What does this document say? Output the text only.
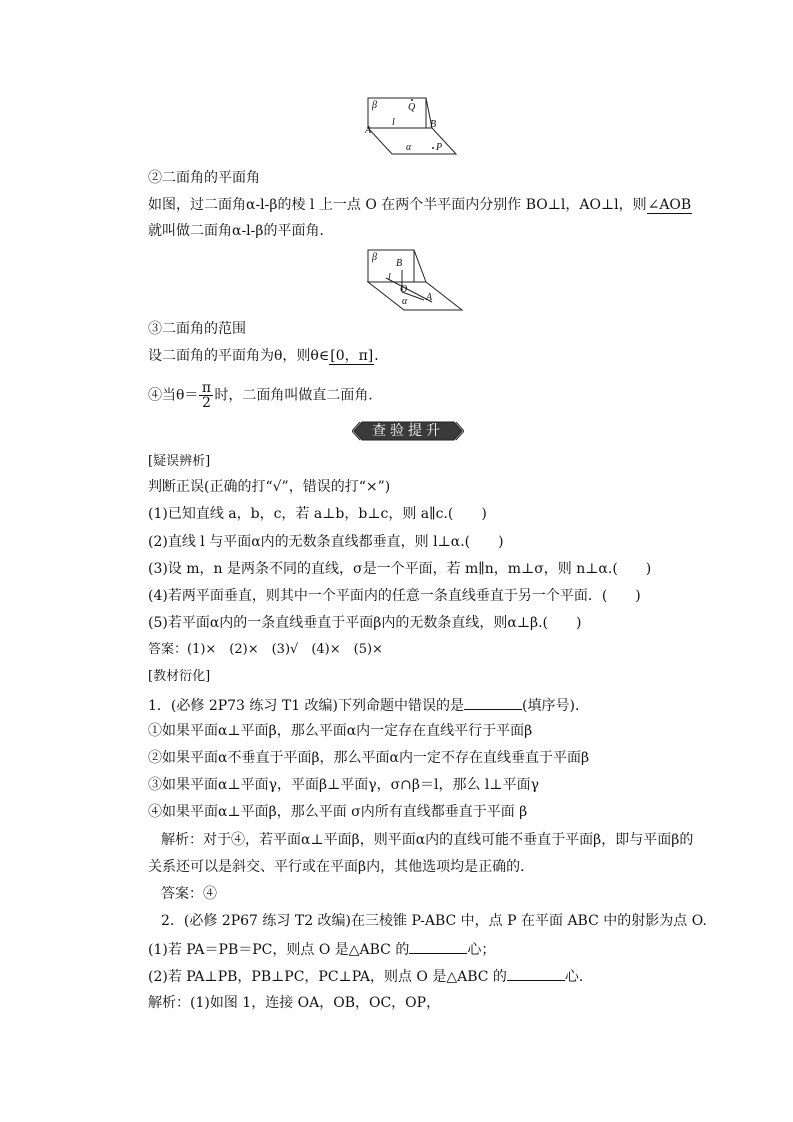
β	Q
l	B
A
α P
②二面角的平面角
如图，过二面角α-l-β的棱 l 上一点 O 在两个半平面内分别作 BO⊥l，AO⊥l，则∠AOB
就叫做二面角α-l-β的平面角．
β
B
l
O
α A
③二面角的范围
设二面角的平面角为θ，则θ∈[0，π]．
④当$\theta= \frac{\pi}{2}$ 时，二面角叫做直二面角．
查验提升
[疑误辨析]
判断正误(正确的打“√”，错误的打“×”)
(1)已知直线 a，b，c，若 a⊥b，b⊥c，则 a∥c.(　　)
(2)直线 l 与平面α内的无数条直线都垂直，则 l⊥α.(　　)
(3)设 m，n 是两条不同的直线，σ是一个平面，若 m∥n，m⊥σ，则 n⊥α.(　　)
(4)若两平面垂直，则其中一个平面内的任意一条直线垂直于另一个平面．(　　)
(5)若平面α内的一条直线垂直于平面β内的无数条直线，则α⊥β.(　　)
答案：(1)×　(2)×　(3)√　(4)×　(5)×
[教材衍化]
1．(必修 2P73 练习 T1 改编)下列命题中错误的是	(填序号)．
①如果平面α⊥平面β，那么平面α内一定存在直线平行于平面β
②如果平面α不垂直于平面β，那么平面α内一定不存在直线垂直于平面β
③如果平面α⊥平面γ，平面β⊥平面γ，σ∩β＝l，那么 l⊥平面γ
④如果平面α⊥平面β，那么平面 σ内所有直线都垂直于平面 β
解析：对于④，若平面α⊥平面β，则平面α内的直线可能不垂直于平面β，即与平面β的
关系还可以是斜交、平行或在平面β内，其他选项均是正确的．
答案：④
2．(必修 2P67 练习 T2 改编)在三棱锥 P-ABC 中，点 P 在平面 ABC 中的射影为点 O.
(1)若 PA＝PB＝PC，则点 O 是△ABC 的	心；
(2)若 PA⊥PB，PB⊥PC，PC⊥PA，则点 O 是△ABC 的	心．
解析：(1)如图 1，连接 OA，OB，OC，OP，
